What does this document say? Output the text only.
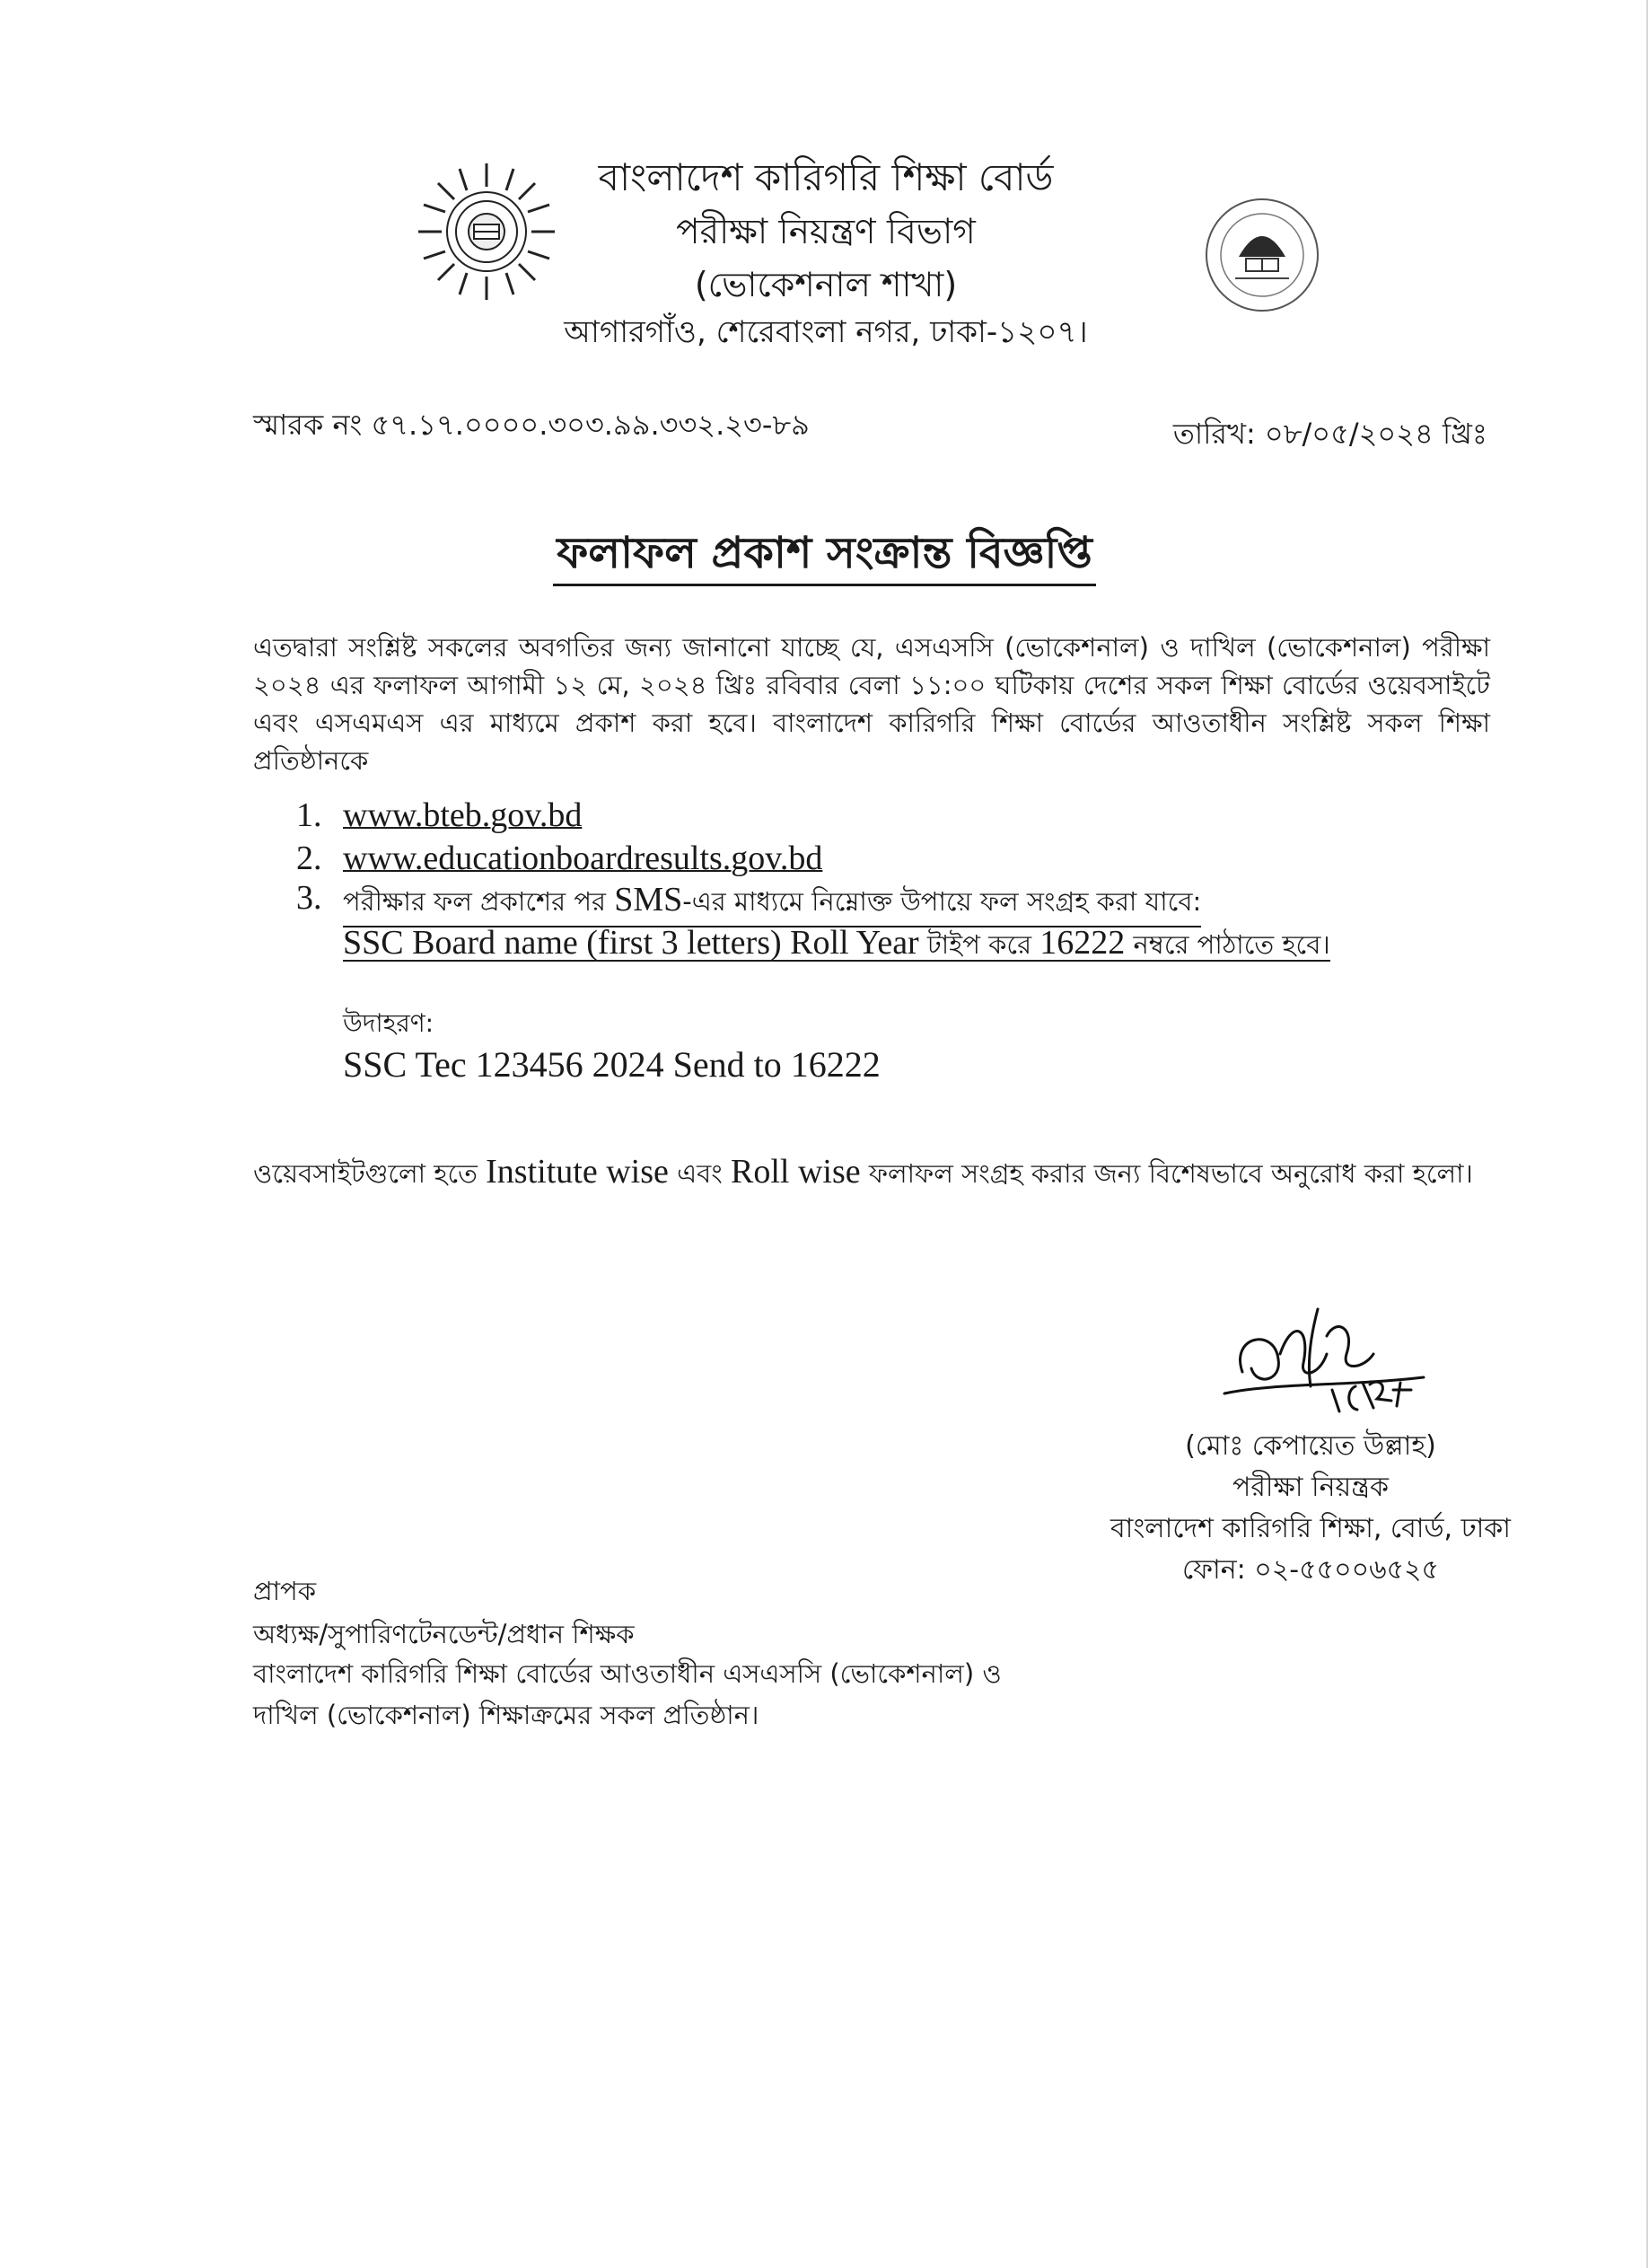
বাংলাদেশ কারিগরি শিক্ষা বোর্ড
পরীক্ষা নিয়ন্ত্রণ বিভাগ
(ভোকেশনাল শাখা)
আগারগাঁও, শেরেবাংলা নগর, ঢাকা-১২০৭।
স্মারক নং ৫৭.১৭.০০০০.৩০৩.৯৯.৩৩২.২৩-৮৯	তারিখ: ০৮/০৫/২০২৪ খ্রিঃ
ফলাফল প্রকাশ সংক্রান্ত বিজ্ঞপ্তি
এতদ্বারা সংশ্লিষ্ট সকলের অবগতির জন্য জানানো যাচ্ছে যে, এসএসসি (ভোকেশনাল) ও দাখিল (ভোকেশনাল) পরীক্ষা ২০২৪ এর ফলাফল আগামী ১২ মে, ২০২৪ খ্রিঃ রবিবার বেলা ১১:০০ ঘটিকায় দেশের সকল শিক্ষা বোর্ডের ওয়েবসাইটে এবং এসএমএস এর মাধ্যমে প্রকাশ করা হবে। বাংলাদেশ কারিগরি শিক্ষা বোর্ডের আওতাধীন সংশ্লিষ্ট সকল শিক্ষা প্রতিষ্ঠানকে
1. www.bteb.gov.bd
2. www.educationboardresults.gov.bd
3. পরীক্ষার ফল প্রকাশের পর SMS-এর মাধ্যমে নিম্নোক্ত উপায়ে ফল সংগ্রহ করা যাবে:
SSC Board name (first 3 letters) Roll Year টাইপ করে 16222 নম্বরে পাঠাতে হবে।
উদাহরণ:
SSC Tec 123456 2024 Send to 16222
ওয়েবসাইটগুলো হতে Institute wise এবং Roll wise ফলাফল সংগ্রহ করার জন্য বিশেষভাবে অনুরোধ করা হলো।
(মোঃ কেপায়েত উল্লাহ)
পরীক্ষা নিয়ন্ত্রক
বাংলাদেশ কারিগরি শিক্ষা, বোর্ড, ঢাকা
ফোন: ০২-৫৫০০৬৫২৫
প্রাপক
অধ্যক্ষ/সুপারিণটেনডেন্ট/প্রধান শিক্ষক
বাংলাদেশ কারিগরি শিক্ষা বোর্ডের আওতাধীন এসএসসি (ভোকেশনাল) ও
দাখিল (ভোকেশনাল) শিক্ষাক্রমের সকল প্রতিষ্ঠান।
